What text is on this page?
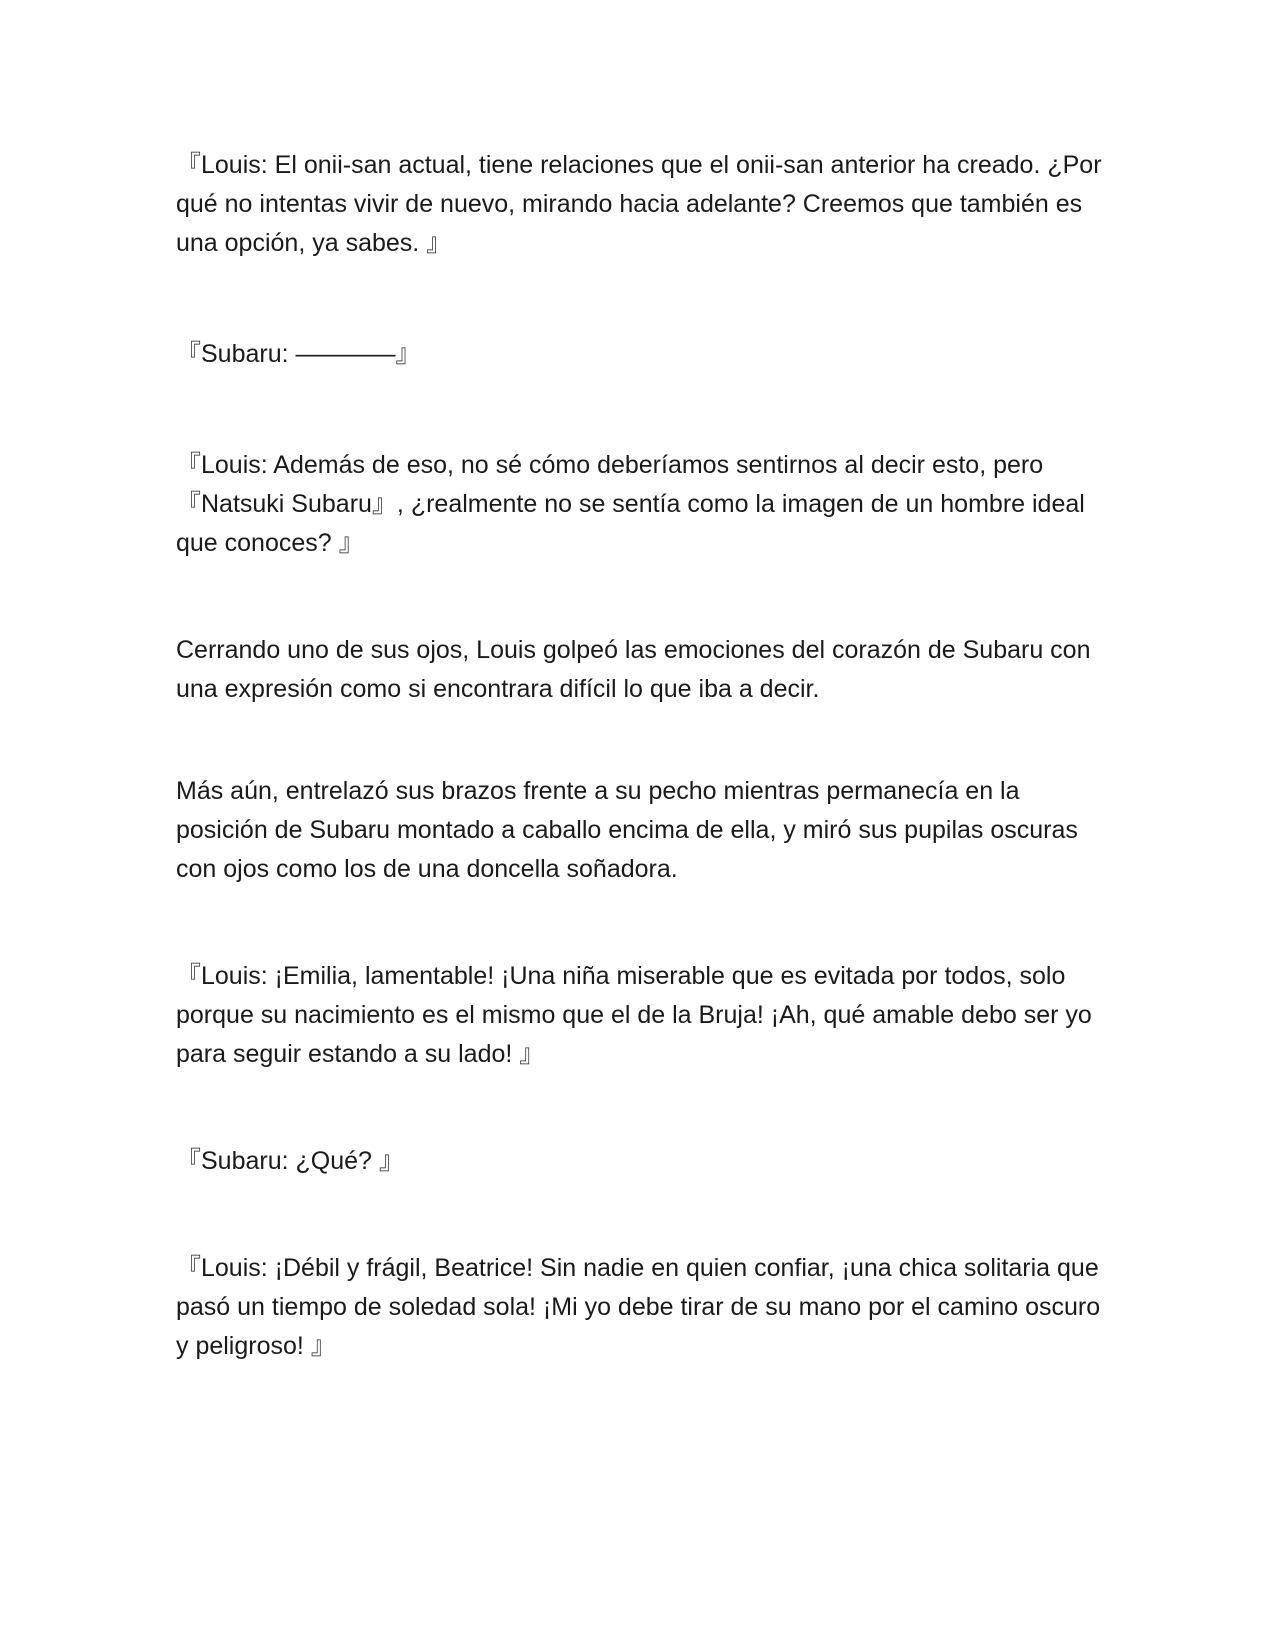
『Louis: El onii-san actual, tiene relaciones que el onii-san anterior ha creado. ¿Por qué no intentas vivir de nuevo, mirando hacia adelante? Creemos que también es una opción, ya sabes. 』

『Subaru: ————』

『Louis: Además de eso, no sé cómo deberíamos sentirnos al decir esto, pero 『Natsuki Subaru』, ¿realmente no se sentía como la imagen de un hombre ideal que conoces? 』

Cerrando uno de sus ojos, Louis golpeó las emociones del corazón de Subaru con una expresión como si encontrara difícil lo que iba a decir.

Más aún, entrelazó sus brazos frente a su pecho mientras permanecía en la posición de Subaru montado a caballo encima de ella, y miró sus pupilas oscuras con ojos como los de una doncella soñadora.

『Louis: ¡Emilia, lamentable! ¡Una niña miserable que es evitada por todos, solo porque su nacimiento es el mismo que el de la Bruja! ¡Ah, qué amable debo ser yo para seguir estando a su lado! 』

『Subaru: ¿Qué? 』

『Louis: ¡Débil y frágil, Beatrice! Sin nadie en quien confiar, ¡una chica solitaria que pasó un tiempo de soledad sola! ¡Mi yo debe tirar de su mano por el camino oscuro y peligroso! 』
